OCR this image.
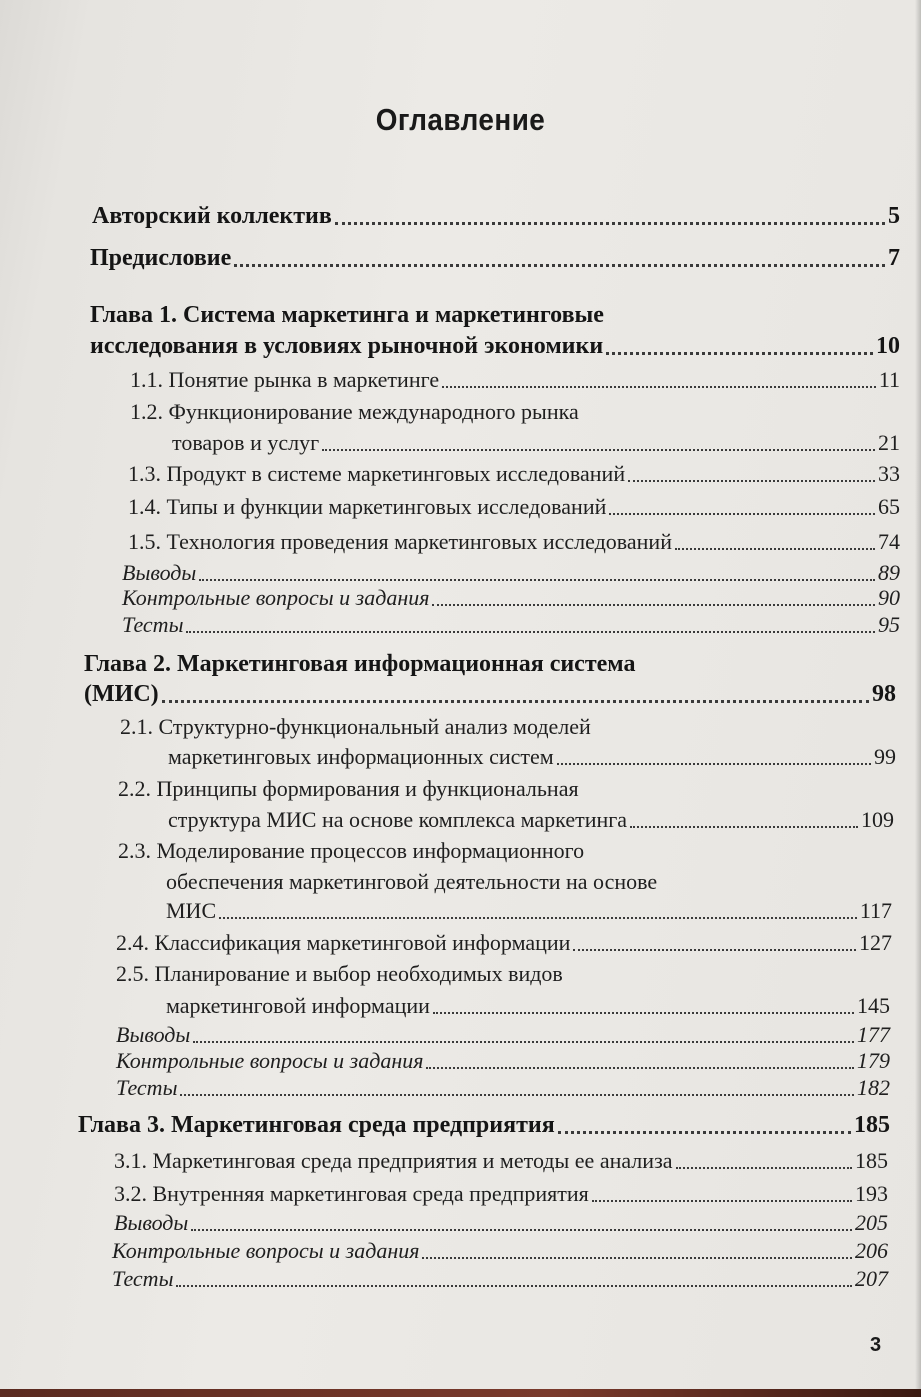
Оглавление
Авторский коллектив	5
Предисловие	7
Глава 1. Система маркетинга и маркетинговые
исследования в условиях рыночной экономики	10
1.1. Понятие рынка в маркетинге	11
1.2. Функционирование международного рынка
товаров и услуг	21
1.3. Продукт в системе маркетинговых исследований	33
1.4. Типы и функции маркетинговых исследований	65
1.5. Технология проведения маркетинговых исследований	74
Выводы	89
Контрольные вопросы и задания	90
Тесты	95
Глава 2. Маркетинговая информационная система
(МИС)	98
2.1. Структурно-функциональный анализ моделей
маркетинговых информационных систем	99
2.2. Принципы формирования и функциональная
структура МИС на основе комплекса маркетинга	109
2.3. Моделирование процессов информационного
обеспечения маркетинговой деятельности на основе
МИС	117
2.4. Классификация маркетинговой информации	127
2.5. Планирование и выбор необходимых видов
маркетинговой информации	145
Выводы	177
Контрольные вопросы и задания	179
Тесты	182
Глава 3. Маркетинговая среда предприятия	185
3.1. Маркетинговая среда предприятия и методы ее анализа	185
3.2. Внутренняя маркетинговая среда предприятия	193
Выводы	205
Контрольные вопросы и задания	206
Тесты	207
3
